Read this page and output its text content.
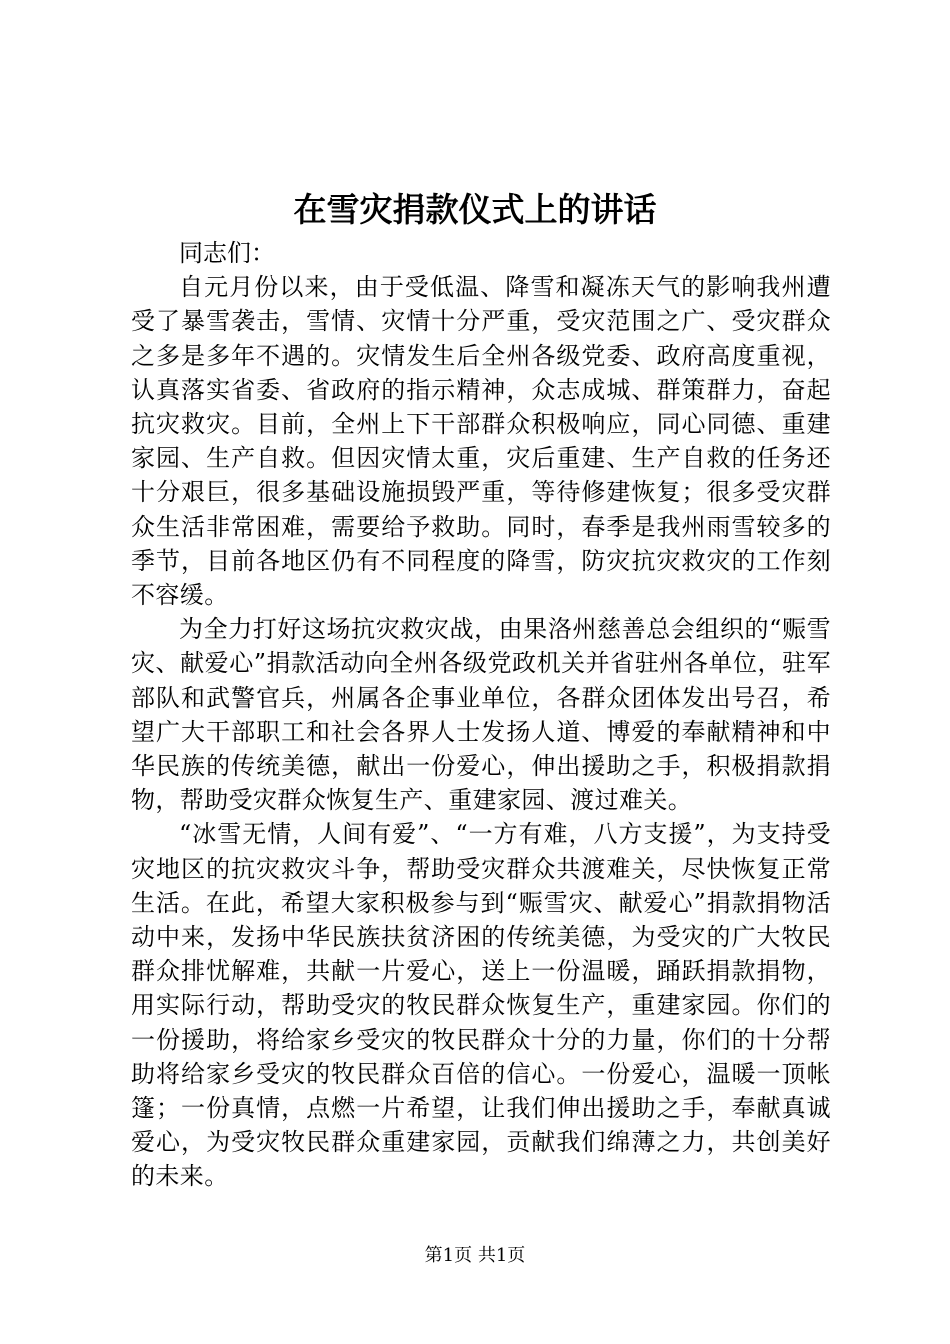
在雪灾捐款仪式上的讲话

同志们：

自元月份以来，由于受低温、降雪和凝冻天气的影响我州遭受了暴雪袭击，雪情、灾情十分严重，受灾范围之广、受灾群众之多是多年不遇的。灾情发生后全州各级党委、政府高度重视，认真落实省委、省政府的指示精神，众志成城、群策群力，奋起抗灾救灾。目前，全州上下干部群众积极响应，同心同德、重建家园、生产自救。但因灾情太重，灾后重建、生产自救的任务还十分艰巨，很多基础设施损毁严重，等待修建恢复；很多受灾群众生活非常困难，需要给予救助。同时，春季是我州雨雪较多的季节，目前各地区仍有不同程度的降雪，防灾抗灾救灾的工作刻不容缓。

为全力打好这场抗灾救灾战，由果洛州慈善总会组织的“赈雪灾、献爱心”捐款活动向全州各级党政机关并省驻州各单位，驻军部队和武警官兵，州属各企事业单位，各群众团体发出号召，希望广大干部职工和社会各界人士发扬人道、博爱的奉献精神和中华民族的传统美德，献出一份爱心，伸出援助之手，积极捐款捐物，帮助受灾群众恢复生产、重建家园、渡过难关。

“冰雪无情，人间有爱”、“一方有难，八方支援”，为支持受灾地区的抗灾救灾斗争，帮助受灾群众共渡难关，尽快恢复正常生活。在此，希望大家积极参与到“赈雪灾、献爱心”捐款捐物活动中来，发扬中华民族扶贫济困的传统美德，为受灾的广大牧民群众排忧解难，共献一片爱心，送上一份温暖，踊跃捐款捐物，用实际行动，帮助受灾的牧民群众恢复生产，重建家园。你们的一份援助，将给家乡受灾的牧民群众十分的力量，你们的十分帮助将给家乡受灾的牧民群众百倍的信心。一份爱心，温暖一顶帐篷；一份真情，点燃一片希望，让我们伸出援助之手，奉献真诚爱心，为受灾牧民群众重建家园，贡献我们绵薄之力，共创美好的未来。

第1页 共1页
